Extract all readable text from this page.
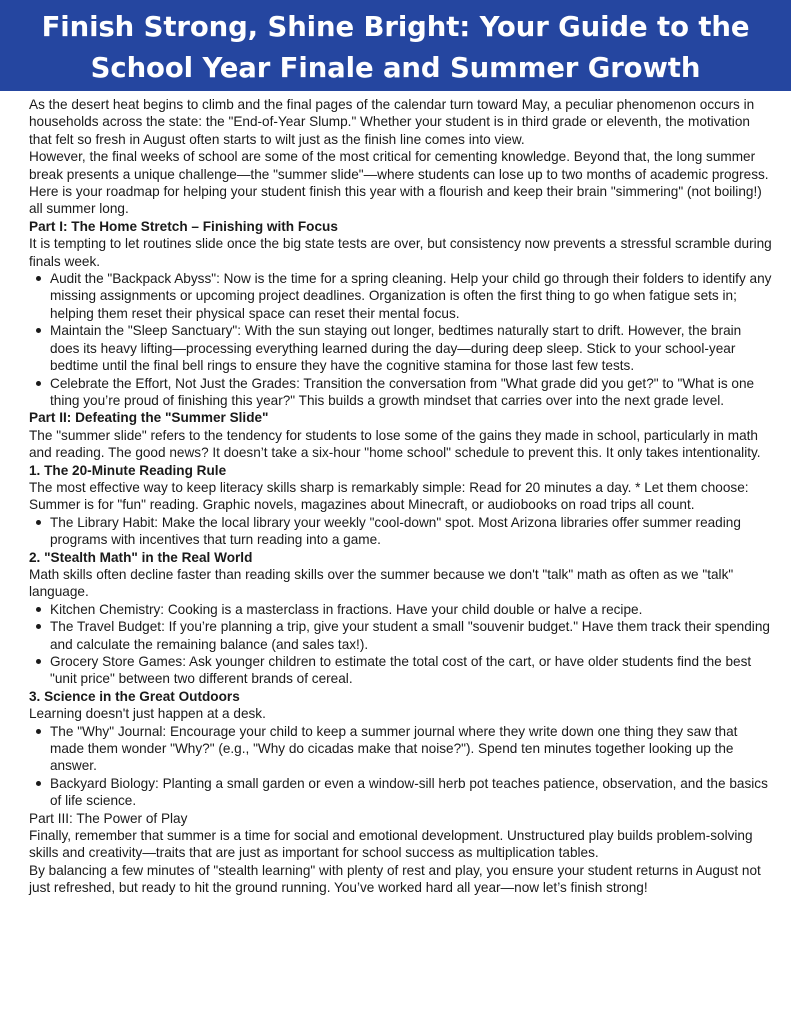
Finish Strong, Shine Bright: Your Guide to the School Year Finale and Summer Growth

As the desert heat begins to climb and the final pages of the calendar turn toward May, a peculiar phenomenon occurs in households across the state: the "End-of-Year Slump." Whether your student is in third grade or eleventh, the motivation that felt so fresh in August often starts to wilt just as the finish line comes into view.

However, the final weeks of school are some of the most critical for cementing knowledge. Beyond that, the long summer break presents a unique challenge—the "summer slide"—where students can lose up to two months of academic progress. Here is your roadmap for helping your student finish this year with a flourish and keep their brain "simmering" (not boiling!) all summer long.

Part I: The Home Stretch – Finishing with Focus

It is tempting to let routines slide once the big state tests are over, but consistency now prevents a stressful scramble during finals week.

Audit the "Backpack Abyss": Now is the time for a spring cleaning. Help your child go through their folders to identify any missing assignments or upcoming project deadlines. Organization is often the first thing to go when fatigue sets in; helping them reset their physical space can reset their mental focus.
Maintain the "Sleep Sanctuary": With the sun staying out longer, bedtimes naturally start to drift. However, the brain does its heavy lifting—processing everything learned during the day—during deep sleep. Stick to your school-year bedtime until the final bell rings to ensure they have the cognitive stamina for those last few tests.
Celebrate the Effort, Not Just the Grades: Transition the conversation from "What grade did you get?" to "What is one thing you’re proud of finishing this year?" This builds a growth mindset that carries over into the next grade level.
Part II: Defeating the "Summer Slide"

The "summer slide" refers to the tendency for students to lose some of the gains they made in school, particularly in math and reading. The good news? It doesn’t take a six-hour "home school" schedule to prevent this. It only takes intentionality.

1. The 20-Minute Reading Rule

The most effective way to keep literacy skills sharp is remarkably simple: Read for 20 minutes a day. * Let them choose: Summer is for "fun" reading. Graphic novels, magazines about Minecraft, or audiobooks on road trips all count.

The Library Habit: Make the local library your weekly "cool-down" spot. Most Arizona libraries offer summer reading programs with incentives that turn reading into a game.
2. "Stealth Math" in the Real World

Math skills often decline faster than reading skills over the summer because we don't "talk" math as often as we "talk" language.

Kitchen Chemistry: Cooking is a masterclass in fractions. Have your child double or halve a recipe.
The Travel Budget: If you’re planning a trip, give your student a small "souvenir budget." Have them track their spending and calculate the remaining balance (and sales tax!).
Grocery Store Games: Ask younger children to estimate the total cost of the cart, or have older students find the best "unit price" between two different brands of cereal.
3. Science in the Great Outdoors

Learning doesn't just happen at a desk.

The "Why" Journal: Encourage your child to keep a summer journal where they write down one thing they saw that made them wonder "Why?" (e.g., "Why do cicadas make that noise?"). Spend ten minutes together looking up the answer.
Backyard Biology: Planting a small garden or even a window-sill herb pot teaches patience, observation, and the basics of life science.

Part III: The Power of Play

Finally, remember that summer is a time for social and emotional development. Unstructured play builds problem-solving skills and creativity—traits that are just as important for school success as multiplication tables.

By balancing a few minutes of "stealth learning" with plenty of rest and play, you ensure your student returns in August not just refreshed, but ready to hit the ground running. You’ve worked hard all year—now let’s finish strong!
